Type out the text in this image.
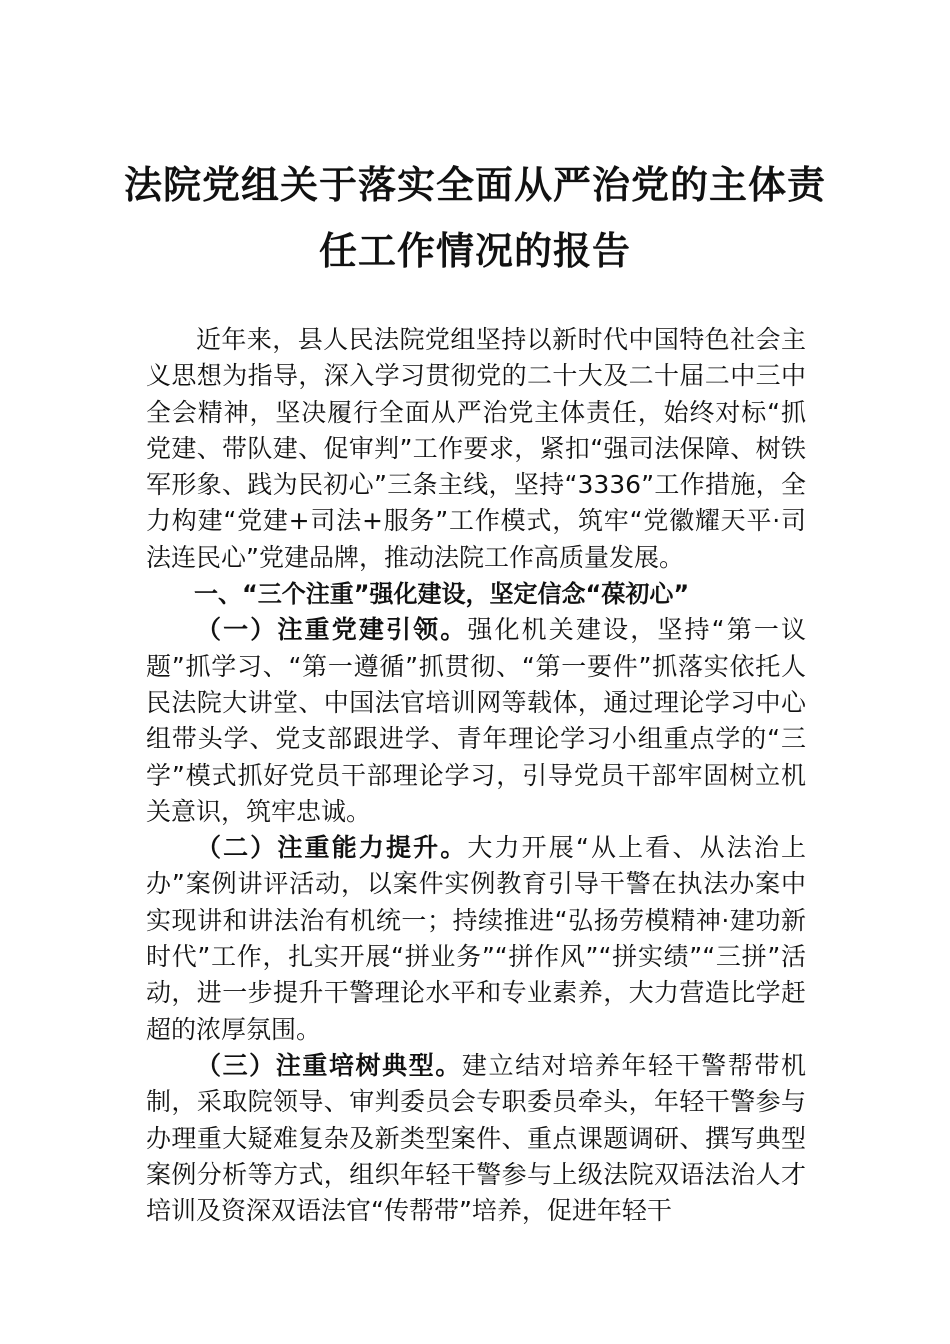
法院党组关于落实全面从严治党的主体责
任工作情况的报告

近年来，县人民法院党组坚持以新时代中国特色社会主义思想为指导，深入学习贯彻党的二十大及二十届二中三中全会精神，坚决履行全面从严治党主体责任，始终对标“抓党建、带队建、促审判”工作要求，紧扣“强司法保障、树铁军形象、践为民初心”三条主线，坚持“3336”工作措施，全力构建“党建+司法+服务”工作模式，筑牢“党徽耀天平·司法连民心”党建品牌，推动法院工作高质量发展。

一、“三个注重”强化建设，坚定信念“葆初心”

（一）注重党建引领。强化机关建设，坚持“第一议题”抓学习、“第一遵循”抓贯彻、“第一要件”抓落实依托人民法院大讲堂、中国法官培训网等载体，通过理论学习中心组带头学、党支部跟进学、青年理论学习小组重点学的“三学”模式抓好党员干部理论学习，引导党员干部牢固树立机关意识，筑牢忠诚。

（二）注重能力提升。大力开展“从上看、从法治上办”案例讲评活动，以案件实例教育引导干警在执法办案中实现讲和讲法治有机统一；持续推进“弘扬劳模精神·建功新时代”工作，扎实开展“拼业务”“拼作风”“拼实绩”“三拼”活动，进一步提升干警理论水平和专业素养，大力营造比学赶超的浓厚氛围。

（三）注重培树典型。建立结对培养年轻干警帮带机制，采取院领导、审判委员会专职委员牵头，年轻干警参与办理重大疑难复杂及新类型案件、重点课题调研、撰写典型案例分析等方式，组织年轻干警参与上级法院双语法治人才培训及资深双语法官“传帮带”培养，促进年轻干
